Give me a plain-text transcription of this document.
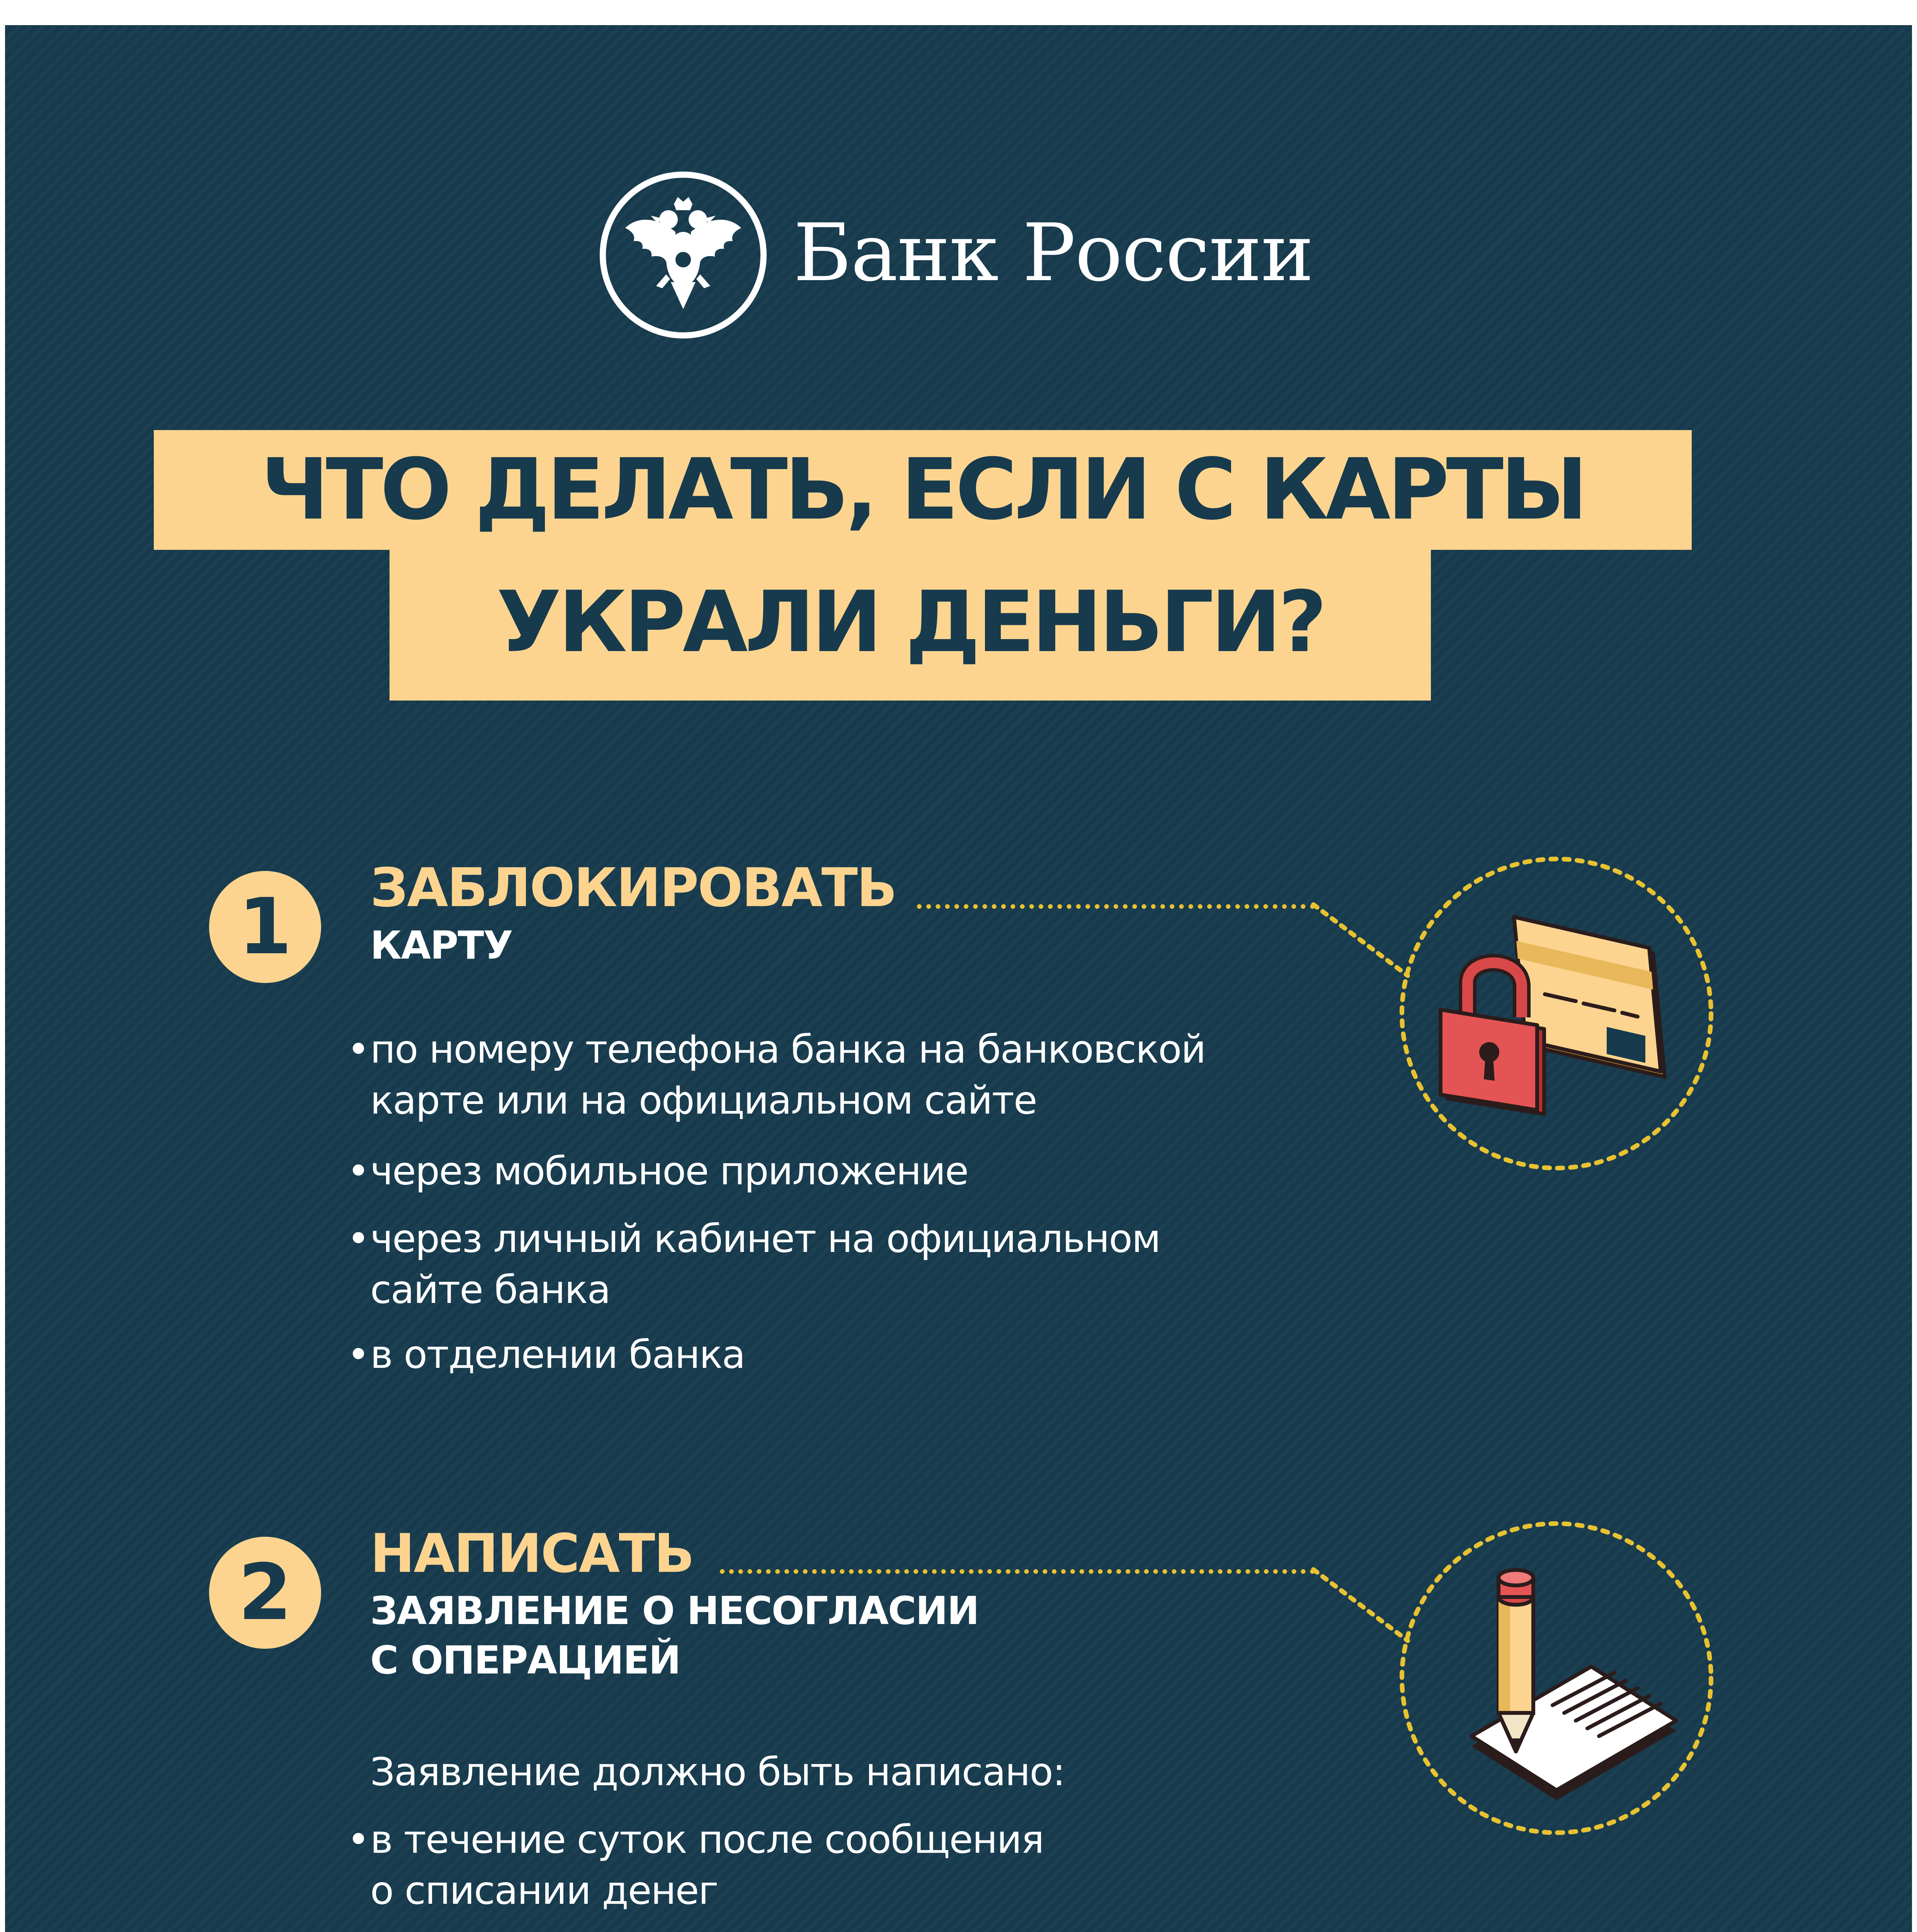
Банк России
ЧТО ДЕЛАТЬ, ЕСЛИ С КАРТЫ
УКРАЛИ ДЕНЬГИ?
1	ЗАБЛОКИРОВАТЬ
КАРТУ
• по номеру телефона банка на банковской
карте или на официальном сайте
• через мобильное приложение
• через личный кабинет на официальном
сайте банка
• в отделении банка
2	НАПИСАТЬ
ЗАЯВЛЕНИЕ О НЕСОГЛАСИИ
С ОПЕРАЦИЕЙ
Заявление должно быть написано:
• в течение суток после сообщения
о списании денег
